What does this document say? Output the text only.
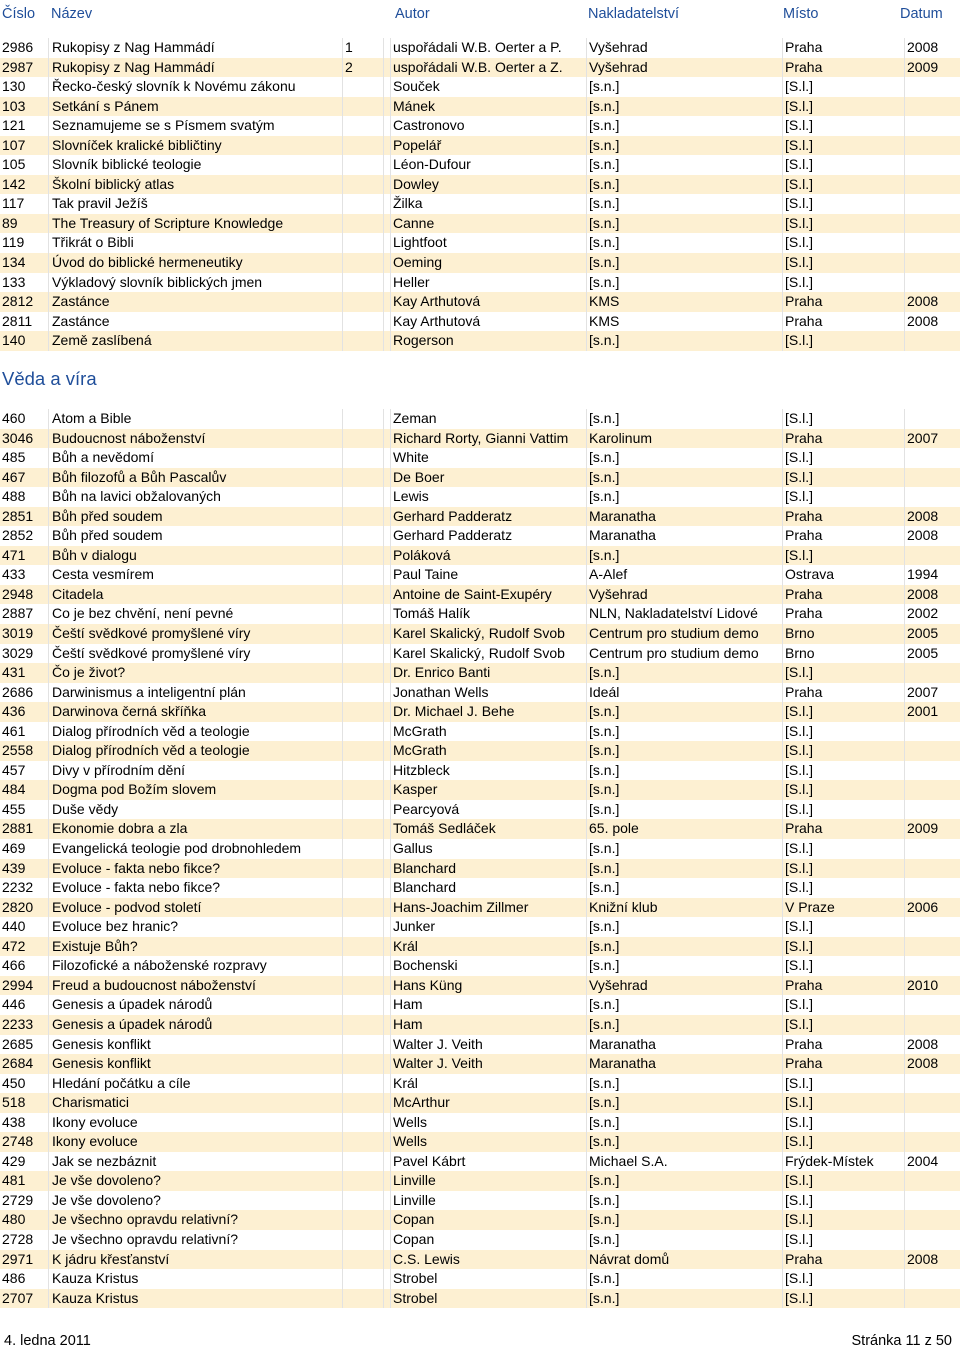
Číslo Název	Autor	Nakladatelství	Místo	Datum
2986	Rukopisy z Nag Hammádí	1	uspořádali W.B. Oerter a P.	Vyšehrad	Praha	2008
2987	Rukopisy z Nag Hammádí	2	uspořádali W.B. Oerter a Z.	Vyšehrad	Praha	2009
130	Řecko-český slovník k Novému zákonu	Souček	[s.n.]	[S.l.]
103	Setkání s Pánem	Mánek	[s.n.]	[S.l.]
121	Seznamujeme se s Písmem svatým	Castronovo	[s.n.]	[S.l.]
107	Slovníček kralické bibličtiny	Popelář	[s.n.]	[S.l.]
105	Slovník biblické teologie	Léon-Dufour	[s.n.]	[S.l.]
142	Školní biblický atlas	Dowley	[s.n.]	[S.l.]
117	Tak pravil Ježíš	Žilka	[s.n.]	[S.l.]
89	The Treasury of Scripture Knowledge	Canne	[s.n.]	[S.l.]
119	Třikrát o Bibli	Lightfoot	[s.n.]	[S.l.]
134	Úvod do biblické hermeneutiky	Oeming	[s.n.]	[S.l.]
133	Výkladový slovník biblických jmen	Heller	[s.n.]	[S.l.]
2812	Zastánce	Kay Arthutová	KMS	Praha	2008
2811	Zastánce	Kay Arthutová	KMS	Praha	2008
140	Země zaslíbená	Rogerson	[s.n.]	[S.l.]
Věda a víra
460	Atom a Bible	Zeman	[s.n.]	[S.l.]
3046	Budoucnost náboženství	Richard Rorty, Gianni Vattim	Karolinum	Praha	2007
485	Bůh a nevědomí	White	[s.n.]	[S.l.]
467	Bůh filozofů a Bůh Pascalův	De Boer	[s.n.]	[S.l.]
488	Bůh na lavici obžalovaných	Lewis	[s.n.]	[S.l.]
2851	Bůh před soudem	Gerhard Padderatz	Maranatha	Praha	2008
2852	Bůh před soudem	Gerhard Padderatz	Maranatha	Praha	2008
471	Bůh v dialogu	Poláková	[s.n.]	[S.l.]
433	Cesta vesmírem	Paul Taine	A-Alef	Ostrava	1994
2948	Citadela	Antoine de Saint-Exupéry	Vyšehrad	Praha	2008
2887	Co je bez chvění, není pevné	Tomáš Halík	NLN, Nakladatelství Lidové	Praha	2002
3019	Čeští svědkové promyšlené víry	Karel Skalický, Rudolf Svob	Centrum pro studium demo	Brno	2005
3029	Čeští svědkové promyšlené víry	Karel Skalický, Rudolf Svob	Centrum pro studium demo	Brno	2005
431	Čo je život?	Dr. Enrico Banti	[s.n.]	[S.l.]
2686	Darwinismus a inteligentní plán	Jonathan Wells	Ideál	Praha	2007
436	Darwinova černá skříňka	Dr. Michael J. Behe	[s.n.]	[S.l.]	2001
461	Dialog přírodních věd a teologie	McGrath	[s.n.]	[S.l.]
2558	Dialog přírodních věd a teologie	McGrath	[s.n.]	[S.l.]
457	Divy v přírodním dění	Hitzbleck	[s.n.]	[S.l.]
484	Dogma pod Božím slovem	Kasper	[s.n.]	[S.l.]
455	Duše vědy	Pearcyová	[s.n.]	[S.l.]
2881	Ekonomie dobra a zla	Tomáš Sedláček	65. pole	Praha	2009
469	Evangelická teologie pod drobnohledem	Gallus	[s.n.]	[S.l.]
439	Evoluce - fakta nebo fikce?	Blanchard	[s.n.]	[S.l.]
2232	Evoluce - fakta nebo fikce?	Blanchard	[s.n.]	[S.l.]
2820	Evoluce - podvod století	Hans-Joachim Zillmer	Knižní klub	V Praze	2006
440	Evoluce bez hranic?	Junker	[s.n.]	[S.l.]
472	Existuje Bůh?	Král	[s.n.]	[S.l.]
466	Filozofické a náboženské rozpravy	Bochenski	[s.n.]	[S.l.]
2994	Freud a budoucnost náboženství	Hans Küng	Vyšehrad	Praha	2010
446	Genesis a úpadek národů	Ham	[s.n.]	[S.l.]
2233	Genesis a úpadek národů	Ham	[s.n.]	[S.l.]
2685	Genesis konflikt	Walter J. Veith	Maranatha	Praha	2008
2684	Genesis konflikt	Walter J. Veith	Maranatha	Praha	2008
450	Hledání počátku a cíle	Král	[s.n.]	[S.l.]
518	Charismatici	McArthur	[s.n.]	[S.l.]
438	Ikony evoluce	Wells	[s.n.]	[S.l.]
2748	Ikony evoluce	Wells	[s.n.]	[S.l.]
429	Jak se nezbáznit	Pavel Kábrt	Michael S.A.	Frýdek-Místek	2004
481	Je vše dovoleno?	Linville	[s.n.]	[S.l.]
2729	Je vše dovoleno?	Linville	[s.n.]	[S.l.]
480	Je všechno opravdu relativní?	Copan	[s.n.]	[S.l.]
2728	Je všechno opravdu relativní?	Copan	[s.n.]	[S.l.]
2971	K jádru křesťanství	C.S. Lewis	Návrat domů	Praha	2008
486	Kauza Kristus	Strobel	[s.n.]	[S.l.]
2707	Kauza Kristus	Strobel	[s.n.]	[S.l.]
4. ledna 2011	Stránka 11 z 50
